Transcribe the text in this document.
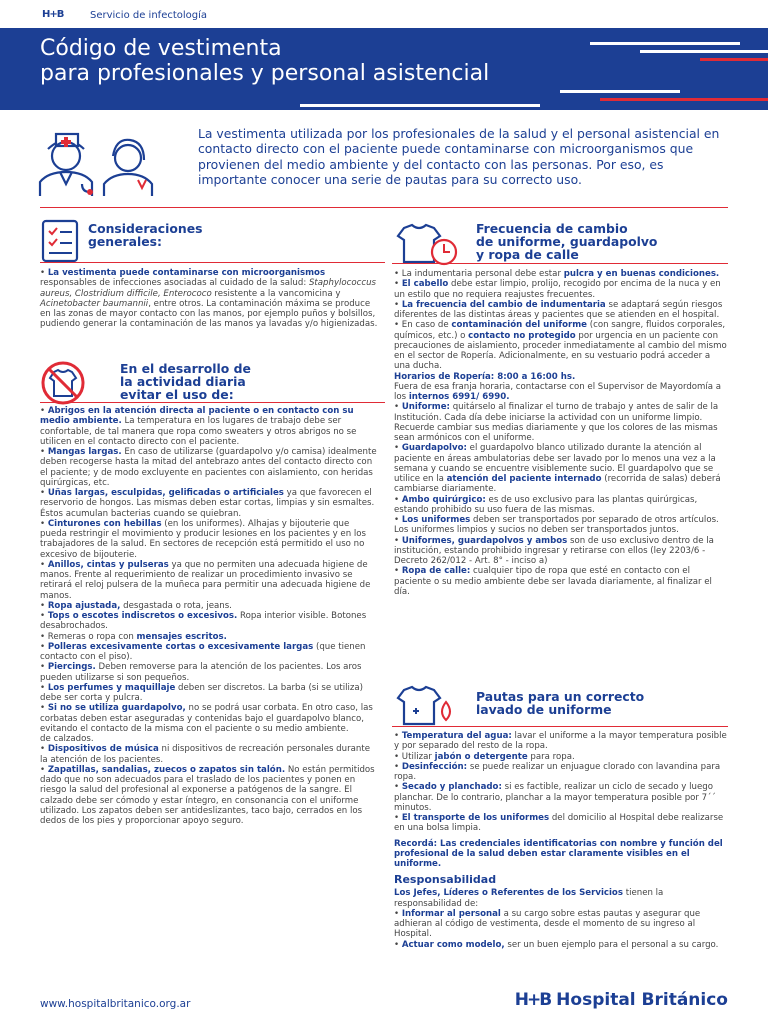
H+B	Servicio de infectología
Código de vestimenta
para profesionales y personal asistencial

La vestimenta utilizada por los profesionales de la salud y el personal asistencial en contacto directo con el paciente puede contaminarse con microorganismos que provienen del medio ambiente y del contacto con las personas. Por eso, es importante conocer una serie de pautas para su correcto uso.

Consideraciones
generales:

• La vestimenta puede contaminarse con microorganismos responsables de infecciones asociadas al cuidado de la salud: Staphylococcus aureus, Clostridium difficile, Enterococo resistente a la vancomicina y Acinetobacter baumannii, entre otros. La contaminación máxima se produce en las zonas de mayor contacto con las manos, por ejemplo puños y bolsillos, pudiendo generar la contaminación de las manos ya lavadas y/o higienizadas.

En el desarrollo de
la actividad diaria
evitar el uso de:

• Abrigos en la atención directa al paciente o en contacto con su medio ambiente. La temperatura en los lugares de trabajo debe ser confortable, de tal manera que ropa como sweaters y otros abrigos no se utilicen en el contacto directo con el paciente.

• Mangas largas. En caso de utilizarse (guardapolvo y/o camisa) idealmente deben recogerse hasta la mitad del antebrazo antes del contacto directo con el paciente; y de modo excluyente en pacientes con aislamiento, con heridas quirúrgicas, etc.

• Uñas largas, esculpidas, gelificadas o artificiales ya que favorecen el reservorio de hongos. Las mismas deben estar cortas, limpias y sin esmaltes. Éstos acumulan bacterias cuando se quiebran.

• Cinturones con hebillas (en los uniformes). Alhajas y bijouterie que pueda restringir el movimiento y producir lesiones en los pacientes y en los trabajadores de la salud. En sectores de recepción está permitido el uso no excesivo de bijouterie.

• Anillos, cintas y pulseras ya que no permiten una adecuada higiene de manos. Frente al requerimiento de realizar un procedimiento invasivo se retirará el reloj pulsera de la muñeca para permitir una adecuada higiene de manos.

• Ropa ajustada, desgastada o rota, jeans.

• Tops o escotes indiscretos o excesivos. Ropa interior visible. Botones desabrochados.

• Remeras o ropa con mensajes escritos.

• Polleras excesivamente cortas o excesivamente largas (que tienen contacto con el piso).

• Piercings. Deben removerse para la atención de los pacientes. Los aros pueden utilizarse si son pequeños.

• Los perfumes y maquillaje deben ser discretos. La barba (si se utiliza) debe ser corta y pulcra.

• Si no se utiliza guardapolvo, no se podrá usar corbata. En otro caso, las corbatas deben estar aseguradas y contenidas bajo el guardapolvo blanco, evitando el contacto de la misma con el paciente o su medio ambiente.
de calzados.

• Dispositivos de música ni dispositivos de recreación personales durante la atención de los pacientes.

• Zapatillas, sandalias, zuecos o zapatos sin talón. No están permitidos dado que no son adecuados para el traslado de los pacientes y ponen en riesgo la salud del profesional al exponerse a patógenos de la sangre. El calzado debe ser cómodo y estar íntegro, en consonancia con el uniforme utilizado. Los zapatos deben ser antideslizantes, taco bajo, cerrados en los dedos de los pies y proporcionar apoyo seguro.

Frecuencia de cambio
de uniforme, guardapolvo
y ropa de calle

• La indumentaria personal debe estar pulcra y en buenas condiciones.

• El cabello debe estar limpio, prolijo, recogido por encima de la nuca y en un estilo que no requiera reajustes frecuentes.

• La frecuencia del cambio de indumentaria se adaptará según riesgos diferentes de las distintas áreas y pacientes que se atienden en el hospital.

• En caso de contaminación del uniforme (con sangre, fluidos corporales, químicos, etc.) o contacto no protegido por urgencia en un paciente con precauciones de aislamiento, proceder inmediatamente al cambio del mismo en el sector de Ropería. Adicionalmente, en su vestuario podrá acceder a una ducha.

Horarios de Ropería: 8:00 a 16:00 hs.
Fuera de esa franja horaria, contactarse con el Supervisor de Mayordomía a los internos 6991/ 6990.

• Uniforme: quitárselo al finalizar el turno de trabajo y antes de salir de la Institución. Cada día debe iniciarse la actividad con un uniforme limpio. Recuerde cambiar sus medias diariamente y que los colores de las mismas sean armónicos con el uniforme.

• Guardapolvo: el guardapolvo blanco utilizado durante la atención al paciente en áreas ambulatorias debe ser lavado por lo menos una vez a la semana y cuando se encuentre visiblemente sucio. El guardapolvo que se utilice en la atención del paciente internado (recorrida de salas) deberá cambiarse diariamente.

• Ambo quirúrgico: es de uso exclusivo para las plantas quirúrgicas, estando prohibido su uso fuera de las mismas.

• Los uniformes deben ser transportados por separado de otros artículos. Los uniformes limpios y sucios no deben ser transportados juntos.

• Uniformes, guardapolvos y ambos son de uso exclusivo dentro de la institución, estando prohibido ingresar y retirarse con ellos (ley 2203/6 - Decreto 262/012 - Art. 8° - inciso a)

• Ropa de calle: cualquier tipo de ropa que esté en contacto con el paciente o su medio ambiente debe ser lavada diariamente, al finalizar el día.

Pautas para un correcto
lavado de uniforme

• Temperatura del agua: lavar el uniforme a la mayor temperatura posible y por separado del resto de la ropa.

• Utilizar jabón o detergente para ropa.

• Desinfección: se puede realizar un enjuague clorado con lavandina para ropa.

• Secado y planchado: si es factible, realizar un ciclo de secado y luego planchar. De lo contrario, planchar a la mayor temperatura posible por 7´´ minutos.

• El transporte de los uniformes del domicilio al Hospital debe realizarse en una bolsa limpia.

Recordá: Las credenciales identificatorias con nombre y función del profesional de la salud deben estar claramente visibles en el uniforme.

Responsabilidad

Los Jefes, Líderes o Referentes de los Servicios tienen la responsabilidad de:

• Informar al personal a su cargo sobre estas pautas y asegurar que adhieran al código de vestimenta, desde el momento de su ingreso al Hospital.

• Actuar como modelo, ser un buen ejemplo para el personal a su cargo.

www.hospitalbritanico.org.ar	H+B Hospital Británico
